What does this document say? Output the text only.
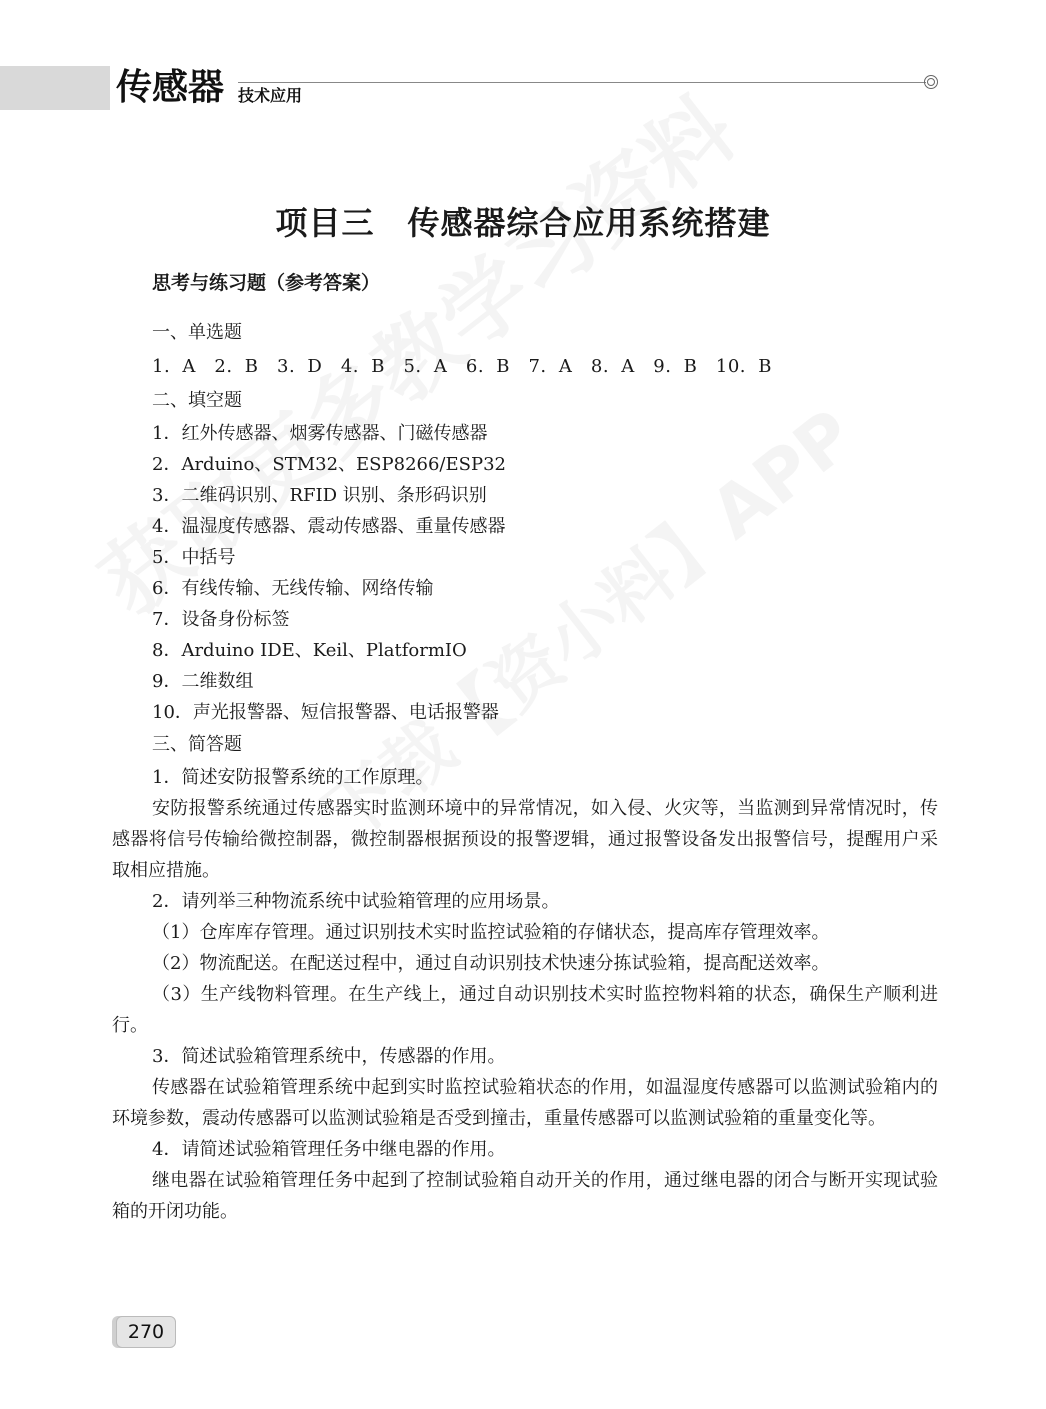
传感器 技术应用
项目三　传感器综合应用系统搭建
思考与练习题（参考答案）
一、单选题
1. A　2. B　3. D　4. B　5. A　6. B　7. A　8. A　9. B　10. B
二、填空题
1．红外传感器、烟雾传感器、门磁传感器
2．Arduino、STM32、ESP8266/ESP32
3．二维码识别、RFID 识别、条形码识别
4．温湿度传感器、震动传感器、重量传感器
5．中括号
6．有线传输、无线传输、网络传输
7．设备身份标签
8．Arduino IDE、Keil、PlatformIO
9．二维数组
10．声光报警器、短信报警器、电话报警器
三、简答题
1．简述安防报警系统的工作原理。
安防报警系统通过传感器实时监测环境中的异常情况，如入侵、火灾等，当监测到异常情况时，传感器将信号传输给微控制器，微控制器根据预设的报警逻辑，通过报警设备发出报警信号，提醒用户采取相应措施。
2．请列举三种物流系统中试验箱管理的应用场景。
（1）仓库库存管理。通过识别技术实时监控试验箱的存储状态，提高库存管理效率。
（2）物流配送。在配送过程中，通过自动识别技术快速分拣试验箱，提高配送效率。
（3）生产线物料管理。在生产线上，通过自动识别技术实时监控物料箱的状态，确保生产顺利进行。
3．简述试验箱管理系统中，传感器的作用。
传感器在试验箱管理系统中起到实时监控试验箱状态的作用，如温湿度传感器可以监测试验箱内的环境参数，震动传感器可以监测试验箱是否受到撞击，重量传感器可以监测试验箱的重量变化等。
4．请简述试验箱管理任务中继电器的作用。
继电器在试验箱管理任务中起到了控制试验箱自动开关的作用，通过继电器的闭合与断开实现试验箱的开闭功能。
270
